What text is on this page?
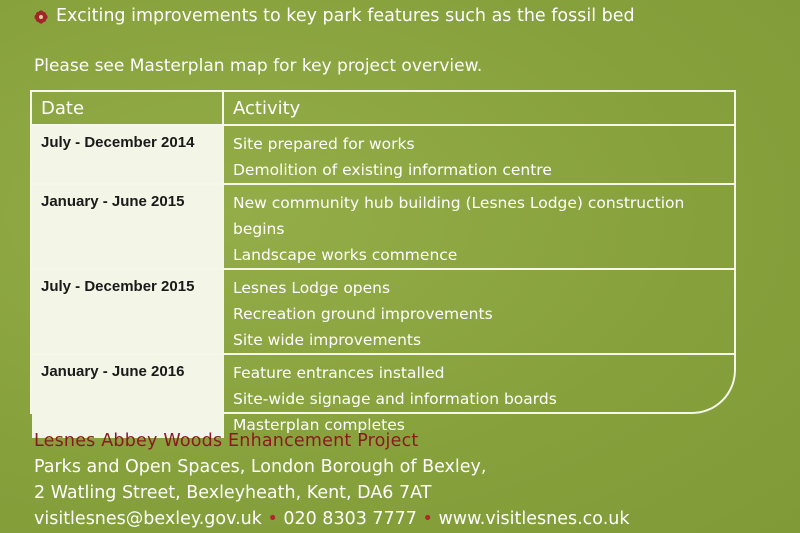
Exciting improvements to key park features such as the fossil bed
Please see Masterplan map for key project overview.
Date	Activity
July - December 2014	Site prepared for works
Demolition of existing information centre

January - June 2015	New community hub building (Lesnes Lodge) construction begins
Landscape works commence

July - December 2015	Lesnes Lodge opens
Recreation ground improvements
Site wide improvements

January - June 2016	Feature entrances installed
Site-wide signage and information boards
Masterplan completes
Lesnes Abbey Woods Enhancement Project
Parks and Open Spaces, London Borough of Bexley,
2 Watling Street, Bexleyheath, Kent, DA6 7AT
visitlesnes@bexley.gov.uk • 020 8303 7777 • www.visitlesnes.co.uk
